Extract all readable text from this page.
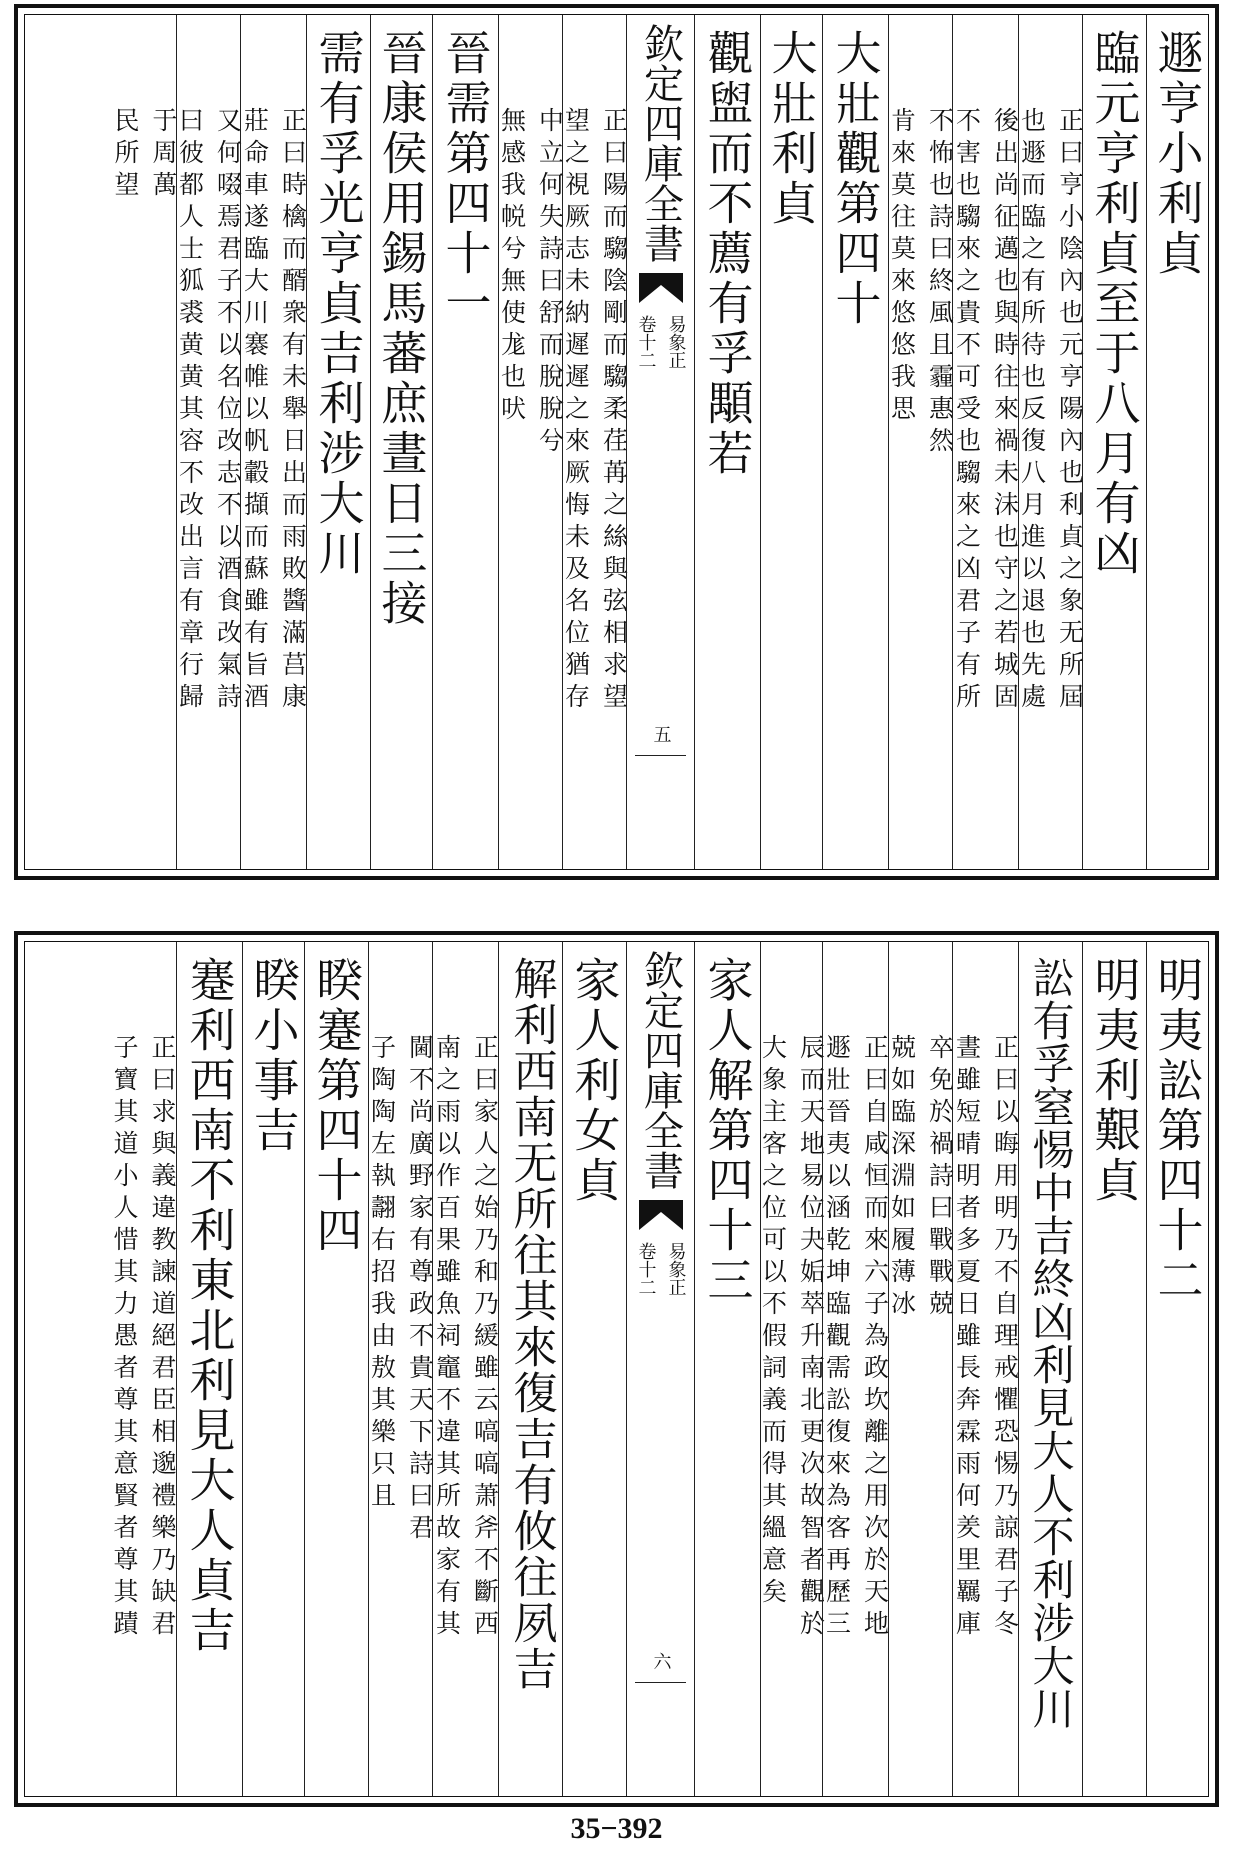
遯亨小利貞
臨元亨利貞至于八月有凶
正曰亨小陰內也元亨陽內也利貞之象无所屆
也遯而臨之有所待也反復八月進以退也先處
後出尚征邁也與時往來禍未沬也守之若城固
不害也騶來之貴不可受也騶來之凶君子有所
不怖也詩曰終風且霾惠然
肯來莫往莫來悠悠我思
大壯觀第四十
大壯利貞
觀盥而不薦有孚顒若
欽定四庫全書
易象正
卷十二
五
正曰陽而騶陰剛而騶柔荏苒之絲與弦相求望
望之視厥志未納遲遲之來厥悔未及名位猶存
中立何失詩曰舒而脫脫兮
無感我帨兮無使尨也吠
晉需第四十一
晉康侯用錫馬蕃庶晝日三接
需有孚光亨貞吉利涉大川
正曰時檎而醑衆有未舉日出而雨敗醬滿莒康
莊命車遂臨大川褰帷以帆轂擷而蘇雖有旨酒
又何啜焉君子不以名位改志不以酒食改氣詩
曰彼都人士狐裘黄黄其容不改出言有章行歸
于周萬
民所望
明夷訟第四十二
明夷利艱貞
訟有孚窒惕中吉終凶利見大人不利涉大川
正曰以晦用明乃不自理戒懼恐惕乃諒君子冬
晝雖短晴明者多夏日雖長奔霖雨何羑里羈庫
卒免於禍詩曰戰戰兢
兢如臨深淵如履薄冰
正曰自咸恒而來六子為政坎離之用次於天地
遯壯晉夷以涵乾坤臨觀需訟復來為客再歷三
辰而天地易位夬姤萃升南北更次故智者觀於
大象主客之位可以不假詞義而得其縕意矣
家人解第四十三
欽定四庫全書
易象正
卷十二
六
家人利女貞
解利西南无所往其來復吉有攸往夙吉
正曰家人之始乃和乃緩雖云嗃嗃萧斧不斷西
南之雨以作百果雖魚祠竈不違其所故家有其
閫不尚廣野家有尊政不貴天下詩曰君
子陶陶左執翿右招我由敖其樂只且
睽蹇第四十四
睽小事吉
蹇利西南不利東北利見大人貞吉
正曰求與義違教諫道絕君臣相邈禮樂乃缺君
子寶其道小人惜其力愚者尊其意賢者尊其蹟
35−392
